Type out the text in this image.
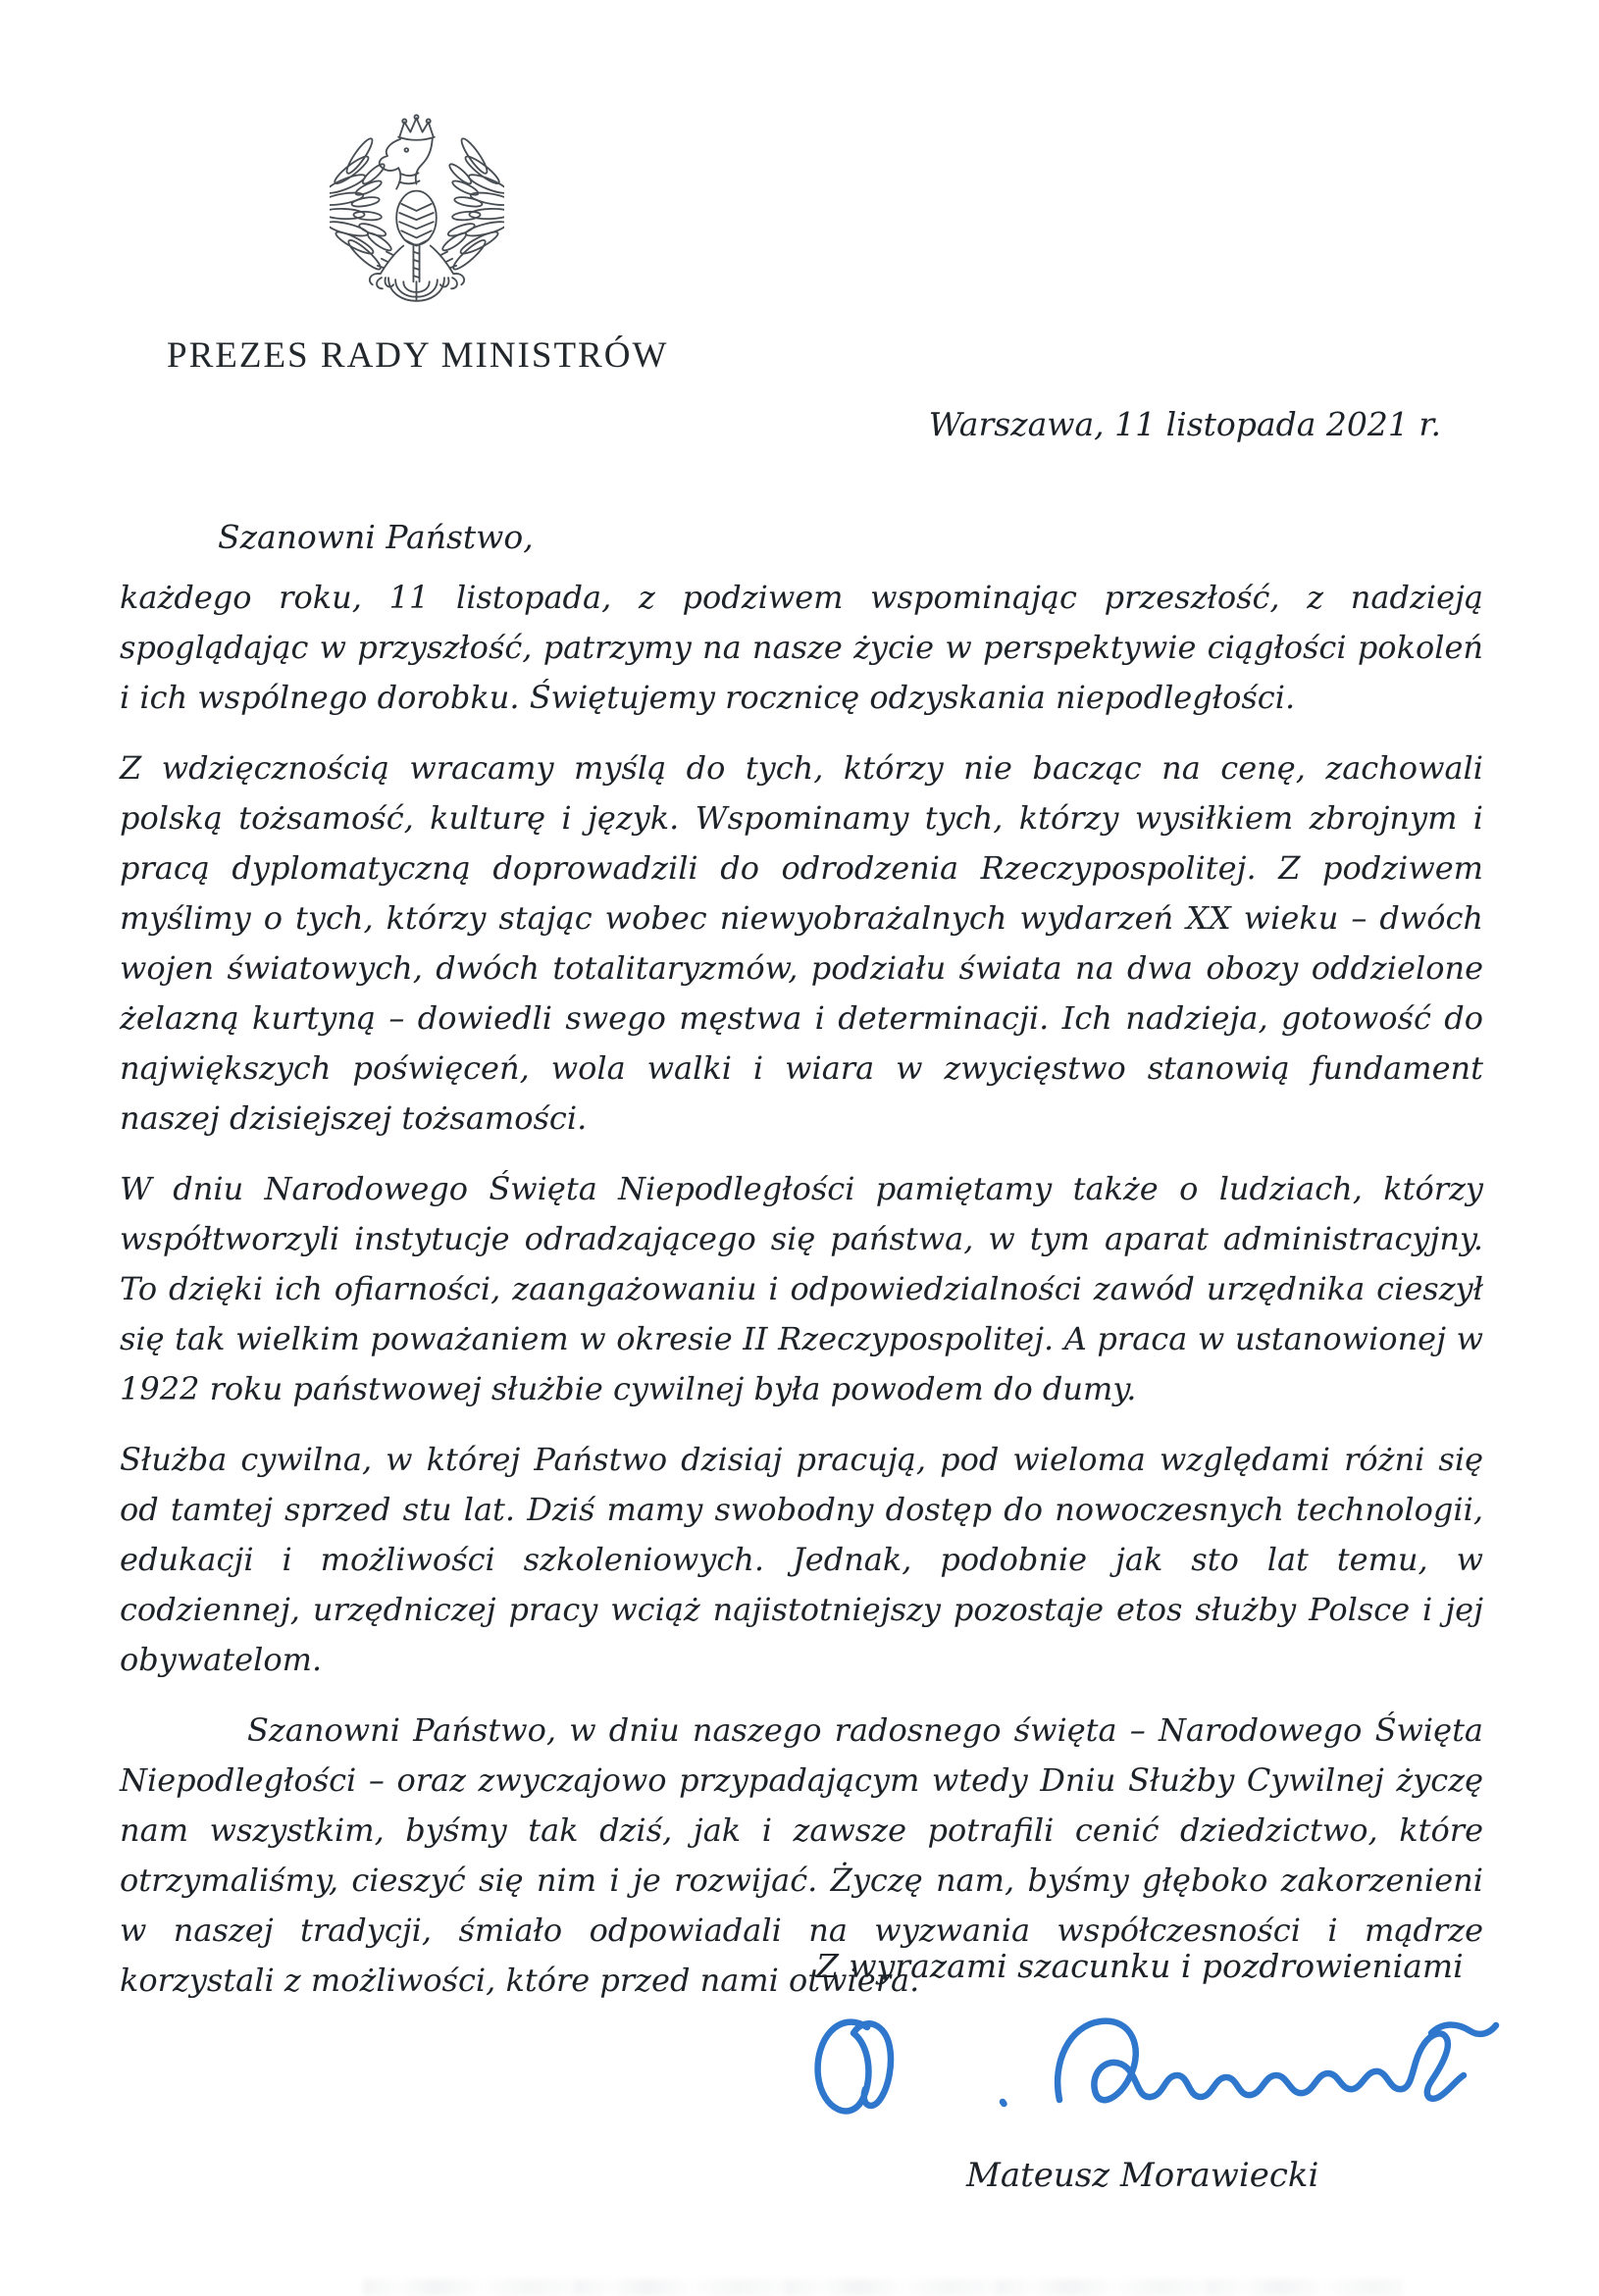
PREZES RADY MINISTRÓW
Warszawa, 11 listopada 2021 r.
Szanowni Państwo,

każdego roku, 11 listopada, z podziwem wspominając przeszłość, z nadzieją spoglądając w przyszłość, patrzymy na nasze życie w perspektywie ciągłości pokoleń i ich wspólnego dorobku. Świętujemy rocznicę odzyskania niepodległości.

Z wdzięcznością wracamy myślą do tych, którzy nie bacząc na cenę, zachowali polską tożsamość, kulturę i język. Wspominamy tych, którzy wysiłkiem zbrojnym i pracą dyplomatyczną doprowadzili do odrodzenia Rzeczypospolitej. Z podziwem myślimy o tych, którzy stając wobec niewyobrażalnych wydarzeń XX wieku – dwóch wojen światowych, dwóch totalitaryzmów, podziału świata na dwa obozy oddzielone żelazną kurtyną – dowiedli swego męstwa i determinacji. Ich nadzieja, gotowość do największych poświęceń, wola walki i wiara w zwycięstwo stanowią fundament naszej dzisiejszej tożsamości.

W dniu Narodowego Święta Niepodległości pamiętamy także o ludziach, którzy współtworzyli instytucje odradzającego się państwa, w tym aparat administracyjny. To dzięki ich ofiarności, zaangażowaniu i odpowiedzialności zawód urzędnika cieszył się tak wielkim poważaniem w okresie II Rzeczypospolitej. A praca w ustanowionej w 1922 roku państwowej służbie cywilnej była powodem do dumy.

Służba cywilna, w której Państwo dzisiaj pracują, pod wieloma względami różni się od tamtej sprzed stu lat. Dziś mamy swobodny dostęp do nowoczesnych technologii, edukacji i możliwości szkoleniowych. Jednak, podobnie jak sto lat temu, w codziennej, urzędniczej pracy wciąż najistotniejszy pozostaje etos służby Polsce i jej obywatelom.

Szanowni Państwo, w dniu naszego radosnego święta – Narodowego Święta Niepodległości – oraz zwyczajowo przypadającym wtedy Dniu Służby Cywilnej życzę nam wszystkim, byśmy tak dziś, jak i zawsze potrafili cenić dziedzictwo, które otrzymaliśmy, cieszyć się nim i je rozwijać. Życzę nam, byśmy głęboko zakorzenieni w naszej tradycji, śmiało odpowiadali na wyzwania współczesności i mądrze korzystali z możliwości, które przed nami otwiera.

Z wyrazami szacunku i pozdrowieniami
Mateusz Morawiecki
